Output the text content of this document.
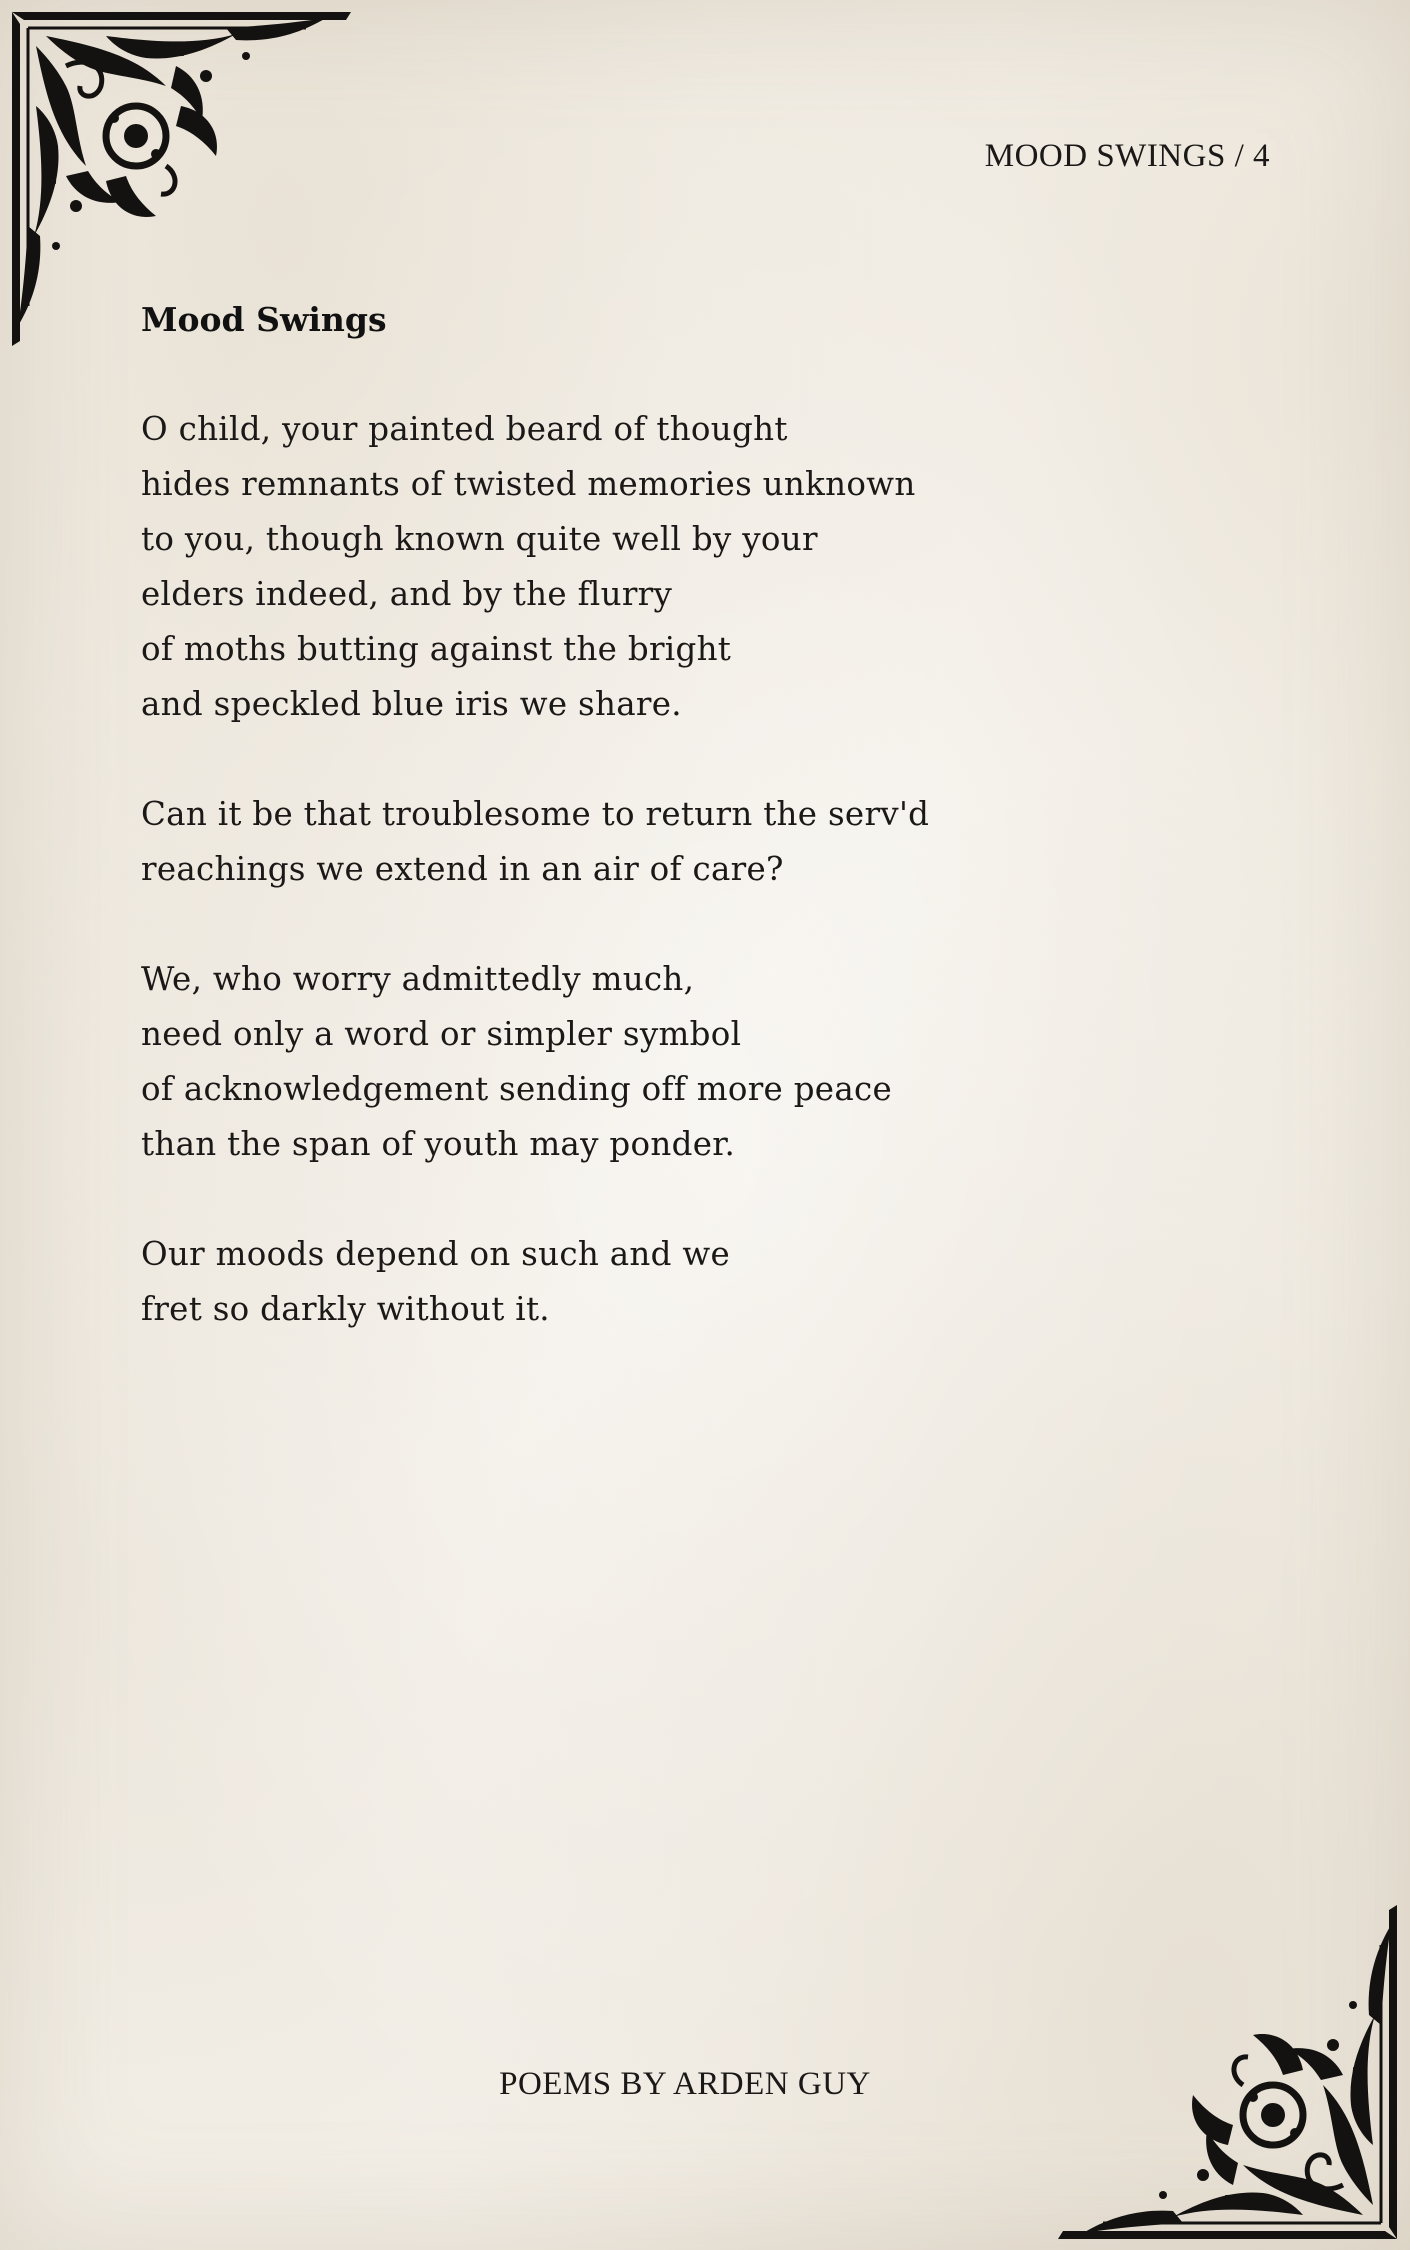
MOOD SWINGS / 4
Mood Swings
O child, your painted beard of thought
hides remnants of twisted memories unknown
to you, though known quite well by your
elders indeed, and by the flurry
of moths butting against the bright
and speckled blue iris we share.
Can it be that troublesome to return the serv'd
reachings we extend in an air of care?
We, who worry admittedly much,
need only a word or simpler symbol
of acknowledgement sending off more peace
than the span of youth may ponder.
Our moods depend on such and we
fret so darkly without it.
POEMS BY ARDEN GUY
